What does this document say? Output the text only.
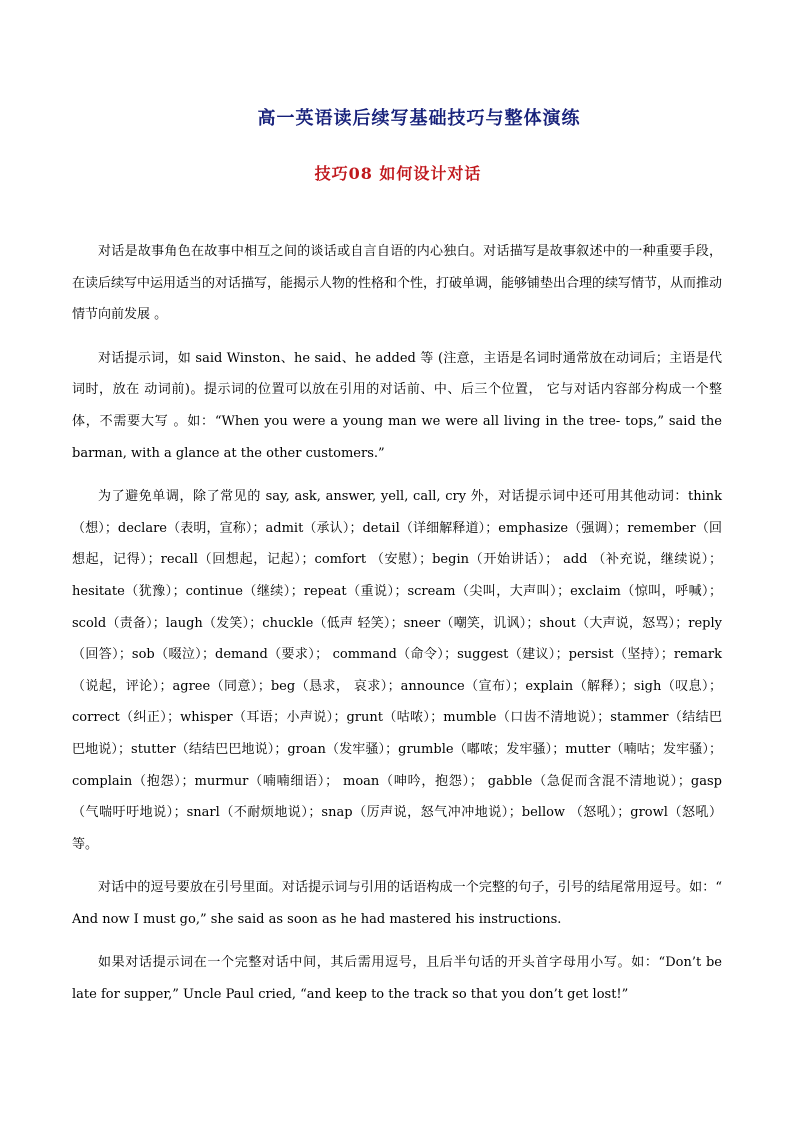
高一英语读后续写基础技巧与整体演练
技巧08 如何设计对话

对话是故事角色在故事中相互之间的谈话或自言自语的内心独白。对话描写是故事叙述中的一种重要手段， 在读后续写中运用适当的对话描写，能揭示人物的性格和个性，打破单调，能够铺垫出合理的续写情节，从而推动情节向前发展 。

对话提示词，如 said Winston、he said、he added 等 (注意，主语是名词时通常放在动词后；主语是代词时，放在 动词前)。提示词的位置可以放在引用的对话前、中、后三个位置， 它与对话内容部分构成一个整体，不需要大写 。如：“When you were a young man we were all living in the tree- tops,” said the barman, with a glance at the other customers.”

为了避免单调，除了常见的 say, ask, answer, yell, call, cry 外，对话提示词中还可用其他动词：think（想）；declare（表明，宣称）；admit（承认）；detail（详细解释道）；emphasize（强调）；remember（回想起，记得）；recall（回想起，记起）；comfort （安慰）；begin（开始讲话）； add （补充说，继续说）；hesitate（犹豫）；continue（继续）；repeat（重说）；scream（尖叫，大声叫）；exclaim（惊叫，呼喊）；scold（责备）；laugh（发笑）；chuckle（低声 轻笑）；sneer（嘲笑，讥讽）；shout（大声说，怒骂）；reply（回答）；sob（啜泣）；demand（要求）； command（命令）；suggest（建议）；persist（坚持）；remark（说起，评论）；agree（同意）；beg（恳求， 哀求）；announce（宣布）；explain（解释）；sigh（叹息）；correct（纠正）；whisper（耳语；小声说）；grunt（咕哝）；mumble（口齿不清地说）；stammer（结结巴巴地说）；stutter（结结巴巴地说）；groan（发牢骚）；grumble（嘟哝；发牢骚）；mutter（喃咕；发牢骚）；complain（抱怨）；murmur（喃喃细语）； moan（呻吟，抱怨）； gabble（急促而含混不清地说）；gasp（气喘吁吁地说）；snarl（不耐烦地说）；snap（厉声说，怒气冲冲地说）；bellow （怒吼）；growl（怒吼）等。

对话中的逗号要放在引号里面。对话提示词与引用的话语构成一个完整的句子，引号的结尾常用逗号。如：“ And now I must go,” she said as soon as he had mastered his instructions.

如果对话提示词在一个完整对话中间，其后需用逗号，且后半句话的开头首字母用小写。如：“Don’t be late for supper,” Uncle Paul cried, “and keep to the track so that you don’t get lost!”
